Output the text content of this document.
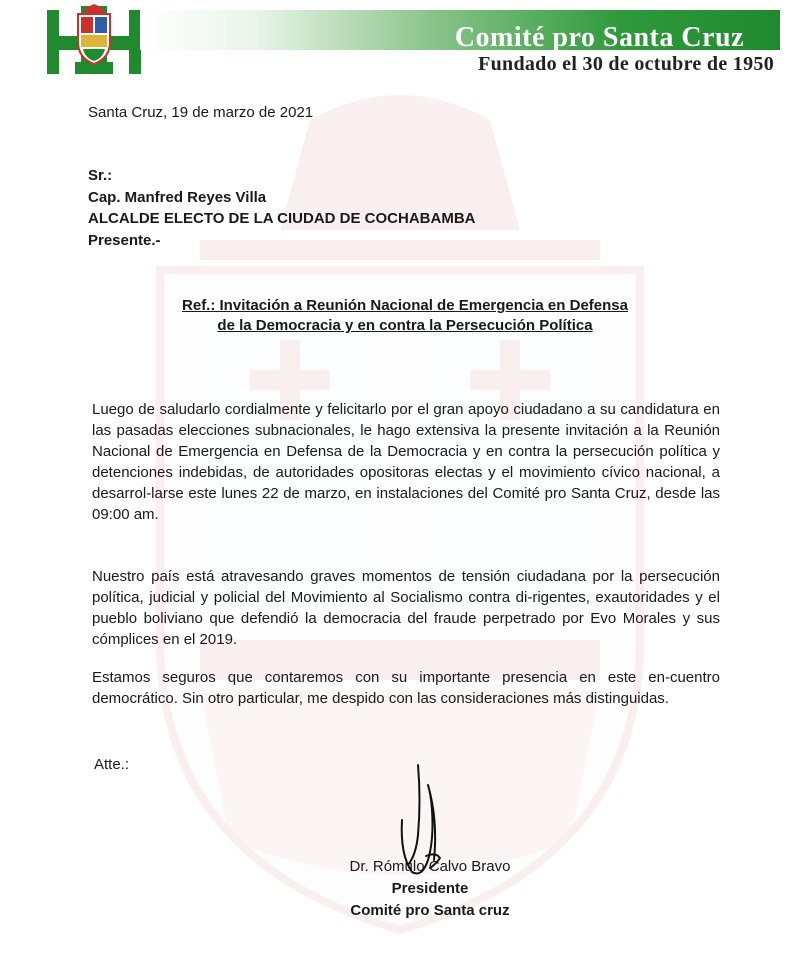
Comité pro Santa Cruz
Fundado el 30 de octubre de 1950
Santa Cruz, 19 de marzo de 2021
Sr.:
Cap. Manfred Reyes Villa
ALCALDE ELECTO DE LA CIUDAD DE COCHABAMBA
Presente.-
Ref.: Invitación a Reunión Nacional de Emergencia en Defensa
de la Democracia y en contra la Persecución Política
Luego de saludarlo cordialmente y felicitarlo por el gran apoyo ciudadano a su candidatura en las pasadas elecciones subnacionales, le hago extensiva la presente invitación a la Reunión Nacional de Emergencia en Defensa de la Democracia y en contra la persecución política y detenciones indebidas, de autoridades opositoras electas y el movimiento cívico nacional, a desarrol-larse este lunes 22 de marzo, en instalaciones del Comité pro Santa Cruz, desde las 09:00 am.
Nuestro país está atravesando graves momentos de tensión ciudadana por la persecución política, judicial y policial del Movimiento al Socialismo contra di-rigentes, exautoridades y el pueblo boliviano que defendió la democracia del fraude perpetrado por Evo Morales y sus cómplices en el 2019.
Estamos seguros que contaremos con su importante presencia en este en-cuentro democrático. Sin otro particular, me despido con las consideraciones más distinguidas.
Atte.:
Dr. Rómulo Calvo Bravo
Presidente
Comité pro Santa cruz
